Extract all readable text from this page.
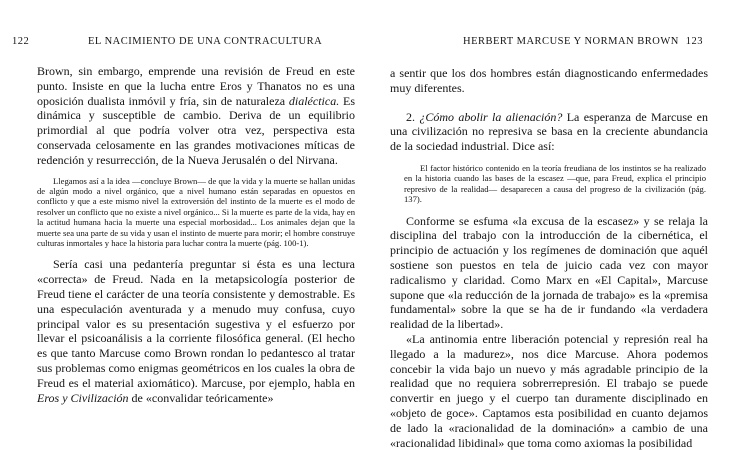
122	EL NACIMIENTO DE UNA CONTRACULTURA

Brown, sin embargo, emprende una revisión de Freud en este punto. Insiste en que la lucha entre Eros y Thanatos no es una oposición dualista inmóvil y fría, sin de naturaleza dialéctica. Es dinámica y susceptible de cambio. Deriva de un equilibrio primordial al que podría volver otra vez, perspectiva esta conservada celosamente en las grandes motivaciones míticas de redención y resurrección, de la Nueva Jerusalén o del Nirvana.

Llegamos así a la idea —concluye Brown— de que la vida y la muerte se hallan unidas de algún modo a nivel orgánico, que a nivel humano están separadas en opuestos en conflicto y que a este mismo nivel la extroversión del instinto de la muerte es el modo de resolver un conflicto que no existe a nivel orgánico... Si la muerte es parte de la vida, hay en la actitud humana hacia la muerte una especial morbosidad... Los animales dejan que la muerte sea una parte de su vida y usan el instinto de muerte para morir; el hombre construye culturas inmortales y hace la historia para luchar contra la muerte (pág. 100-1).

Sería casi una pedantería preguntar si ésta es una lectura «correcta» de Freud. Nada en la metapsicología posterior de Freud tiene el carácter de una teoría consistente y demostrable. Es una especulación aventurada y a menudo muy confusa, cuyo principal valor es su presentación sugestiva y el esfuerzo por llevar el psicoanálisis a la corriente filosófica general. (El hecho es que tanto Marcuse como Brown rondan lo pedantesco al tratar sus problemas como enigmas geométricos en los cuales la obra de Freud es el material axiomático). Marcuse, por ejemplo, habla en Eros y Civilización de «convalidar teóricamente»

HERBERT MARCUSE Y NORMAN BROWN 123

a sentir que los dos hombres están diagnosticando enfermedades muy diferentes.

2. ¿Cómo abolir la alienación? La esperanza de Marcuse en una civilización no represiva se basa en la creciente abundancia de la sociedad industrial. Dice así:

El factor histórico contenido en la teoría freudiana de los instintos se ha realizado en la historia cuando las bases de la escasez —que, para Freud, explica el principio represivo de la realidad— desaparecen a causa del progreso de la civilización (pág. 137).

Conforme se esfuma «la excusa de la escasez» y se relaja la disciplina del trabajo con la introducción de la cibernética, el principio de actuación y los regímenes de dominación que aquél sostiene son puestos en tela de juicio cada vez con mayor radicalismo y claridad. Como Marx en «El Capital», Marcuse supone que «la reducción de la jornada de trabajo» es la «premisa fundamental» sobre la que se ha de ir fundando «la verdadera realidad de la libertad».

«La antinomia entre liberación potencial y represión real ha llegado a la madurez», nos dice Marcuse. Ahora podemos concebir la vida bajo un nuevo y más agradable principio de la realidad que no requiera sobrerrepresión. El trabajo se puede convertir en juego y el cuerpo tan duramente disciplinado en «objeto de goce». Captamos esta posibilidad en cuanto dejamos de lado la «racionalidad de la dominación» a cambio de una «racionalidad libidinal» que toma como axiomas la posibilidad
